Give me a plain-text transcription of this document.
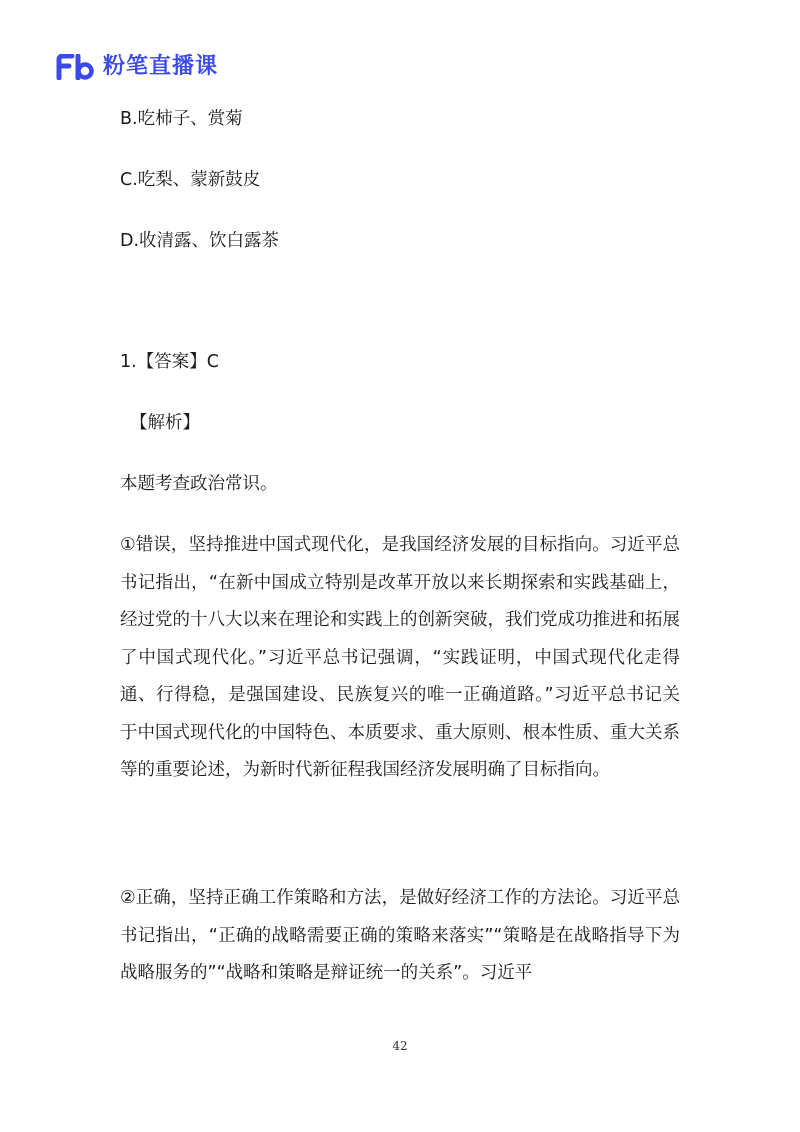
粉笔直播课
B.吃柿子、赏菊
C.吃梨、蒙新鼓皮
D.收清露、饮白露茶
1.【答案】C
【解析】
本题考查政治常识。
①错误，坚持推进中国式现代化，是我国经济发展的目标指向。习近平总书记指出，“在新中国成立特别是改革开放以来长期探索和实践基础上，经过党的十八大以来在理论和实践上的创新突破，我们党成功推进和拓展了中国式现代化。”习近平总书记强调，“实践证明，中国式现代化走得通、行得稳，是强国建设、民族复兴的唯一正确道路。”习近平总书记关于中国式现代化的中国特色、本质要求、重大原则、根本性质、重大关系等的重要论述，为新时代新征程我国经济发展明确了目标指向。
②正确，坚持正确工作策略和方法，是做好经济工作的方法论。习近平总书记指出，“正确的战略需要正确的策略来落实”“策略是在战略指导下为战略服务的”“战略和策略是辩证统一的关系”。习近平
42
